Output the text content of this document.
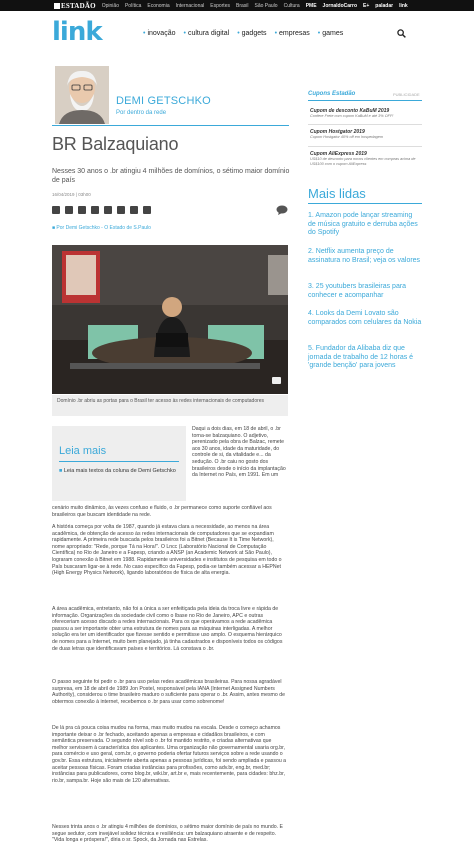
ESTADÃO Opinião Política Economia Internacional Esportes Brasil São Paulo Cultura PME JornaldoCarro E+ paladar link
link	• inovação • cultura digital • gadgets • empresas • games
DEMI GETSCHKO
Por dentro da rede
BR Balzaquiano
Nesses 30 anos o .br atingiu 4 milhões de domínios, o sétimo maior domínio de país
16/04/2019 | 03h00
■ Por Demi Getschko - O Estado de S.Paulo
Domínio .br abriu as portas para o Brasil ter acesso às redes internacionais de computadores
Leia mais
■ Leia mais textos da coluna de Demi Getschko
Daqui a dois dias, em 18 de abril, o .br torna-se balzaquiano. O adjetivo, perenizado pela obra de Balzac, remete aos 30 anos, idade da maturidade, do controle de si, da vitalidade e... da sedução. O .br caiu no gosto dos brasileiros desde o início da implantação da Internet no País, em 1991. Em um
cenário muito dinâmico, às vezes confuso e fluido, o .br permanece como suporte confiável aos brasileiros que buscam identidade na rede.
A história começa por volta de 1987, quando já estava clara a necessidade, ao menos na área acadêmica, de obtenção de acesso às redes internacionais de computadores que se expandiam rapidamente. A primeira rede buscada pelos brasileiros foi a Bitnet (Because It is Time Network), nome apropriado: "Rede, porque Tá na Hora!". O Lncc (Laboratório Nacional de Computação Científica) no Rio de Janeiro e a Fapesp, criando a ANSP (an Academic Network at São Paulo), lograram conexão à Bitnet em 1988. Rapidamente universidades e institutos de pesquisa em todo o País buscaram ligar-se à rede. No caso específico da Fapesp, podia-se também acessar a HEPNet (High Energy Physics Network), ligando laboratórios de física de alta energia.
A área acadêmica, entretanto, não foi a única a ser enfeitiçada pela ideia da troca livre e rápida de informação. Organizações da sociedade civil como o Ibase no Rio de Janeiro, APC e outras ofereceriam acesso discado a redes internacionais. Para os que operávamos a rede acadêmica passou a ser importante obter uma estrutura de nomes para as máquinas interligadas. A melhor solução era ter um identificador que fizesse sentido e permitisse uso amplo. O esquema hierárquico de nomes para a Internet, muito bem planejado, já tinha cadastrados e disponíveis todos os códigos de duas letras que identificavam países e territórios. Lá constava o .br.
O passo seguinte foi pedir o .br para uso pelas redes acadêmicas brasileiras. Para nossa agradável surpresa, em 18 de abril de 1989 Jon Postel, responsável pela IANA (Internet Assigned Numbers Authority), considerou o time brasileiro maduro o suficiente para operar o .br. Assim, antes mesmo de obtermos conexão à internet, recebemos o .br para usar como sobrenome!
De lá pra cá pouca coisa mudou na forma, mas muito mudou na escala. Desde o começo achamos importante deixar o .br fechado, aceitando apenas a empresas e cidadãos brasileiros, e com semântica preservada. O segundo nível sob o .br foi mantido restrito, e criadas alternativas que melhor servissem à característica dos aplicantes. Uma organização não governamental usaria org.br, para comércio e uso geral, com.br, o governo poderia ofertar futuros serviços sobre a rede usando o gov.br. Essa estrutura, inicialmente aberta apenas a pessoas jurídicas, foi sendo ampliada e passou a aceitar pessoas físicas. Foram criadas instâncias para profissões, como adv.br, eng.br, med.br; instâncias para publicadores, como blog.br, wiki.br, art.br e, mais recentemente, para cidades: bhz.br, rio.br, sampa.br. Hoje são mais de 120 alternativas.
Nesses trinta anos o .br atingiu 4 milhões de domínios, o sétimo maior domínio de país no mundo. E segue sedutor, com invejável solidez técnica e resiliência: um balzaquiano atraente e de respeito. "Vida longa e próspera!", diria o sr. Spock, da Jornada nas Estrelas.
Cupons Estadão	PUBLICIDADE
Cupom de desconto KaBuM 2019
Confere Frete com cupom KaBuM e até 3% OFF!
Cupom Hostgator 2019
Cupom Hostgator 40% off em hospedagem
Cupom AliExpress 2019
US$10 de desconto para novos clientes em compras acima de US$100 com o cupom AliExpress
Mais lidas
1. Amazon pode lançar streaming de música gratuito e derruba ações do Spotify
2. Netflix aumenta preço de assinatura no Brasil; veja os valores
3. 25 youtubers brasileiras para conhecer e acompanhar
4. Looks da Demi Lovato são comparados com celulares da Nokia
5. Fundador da Alibaba diz que jornada de trabalho de 12 horas é 'grande benção' para jovens
